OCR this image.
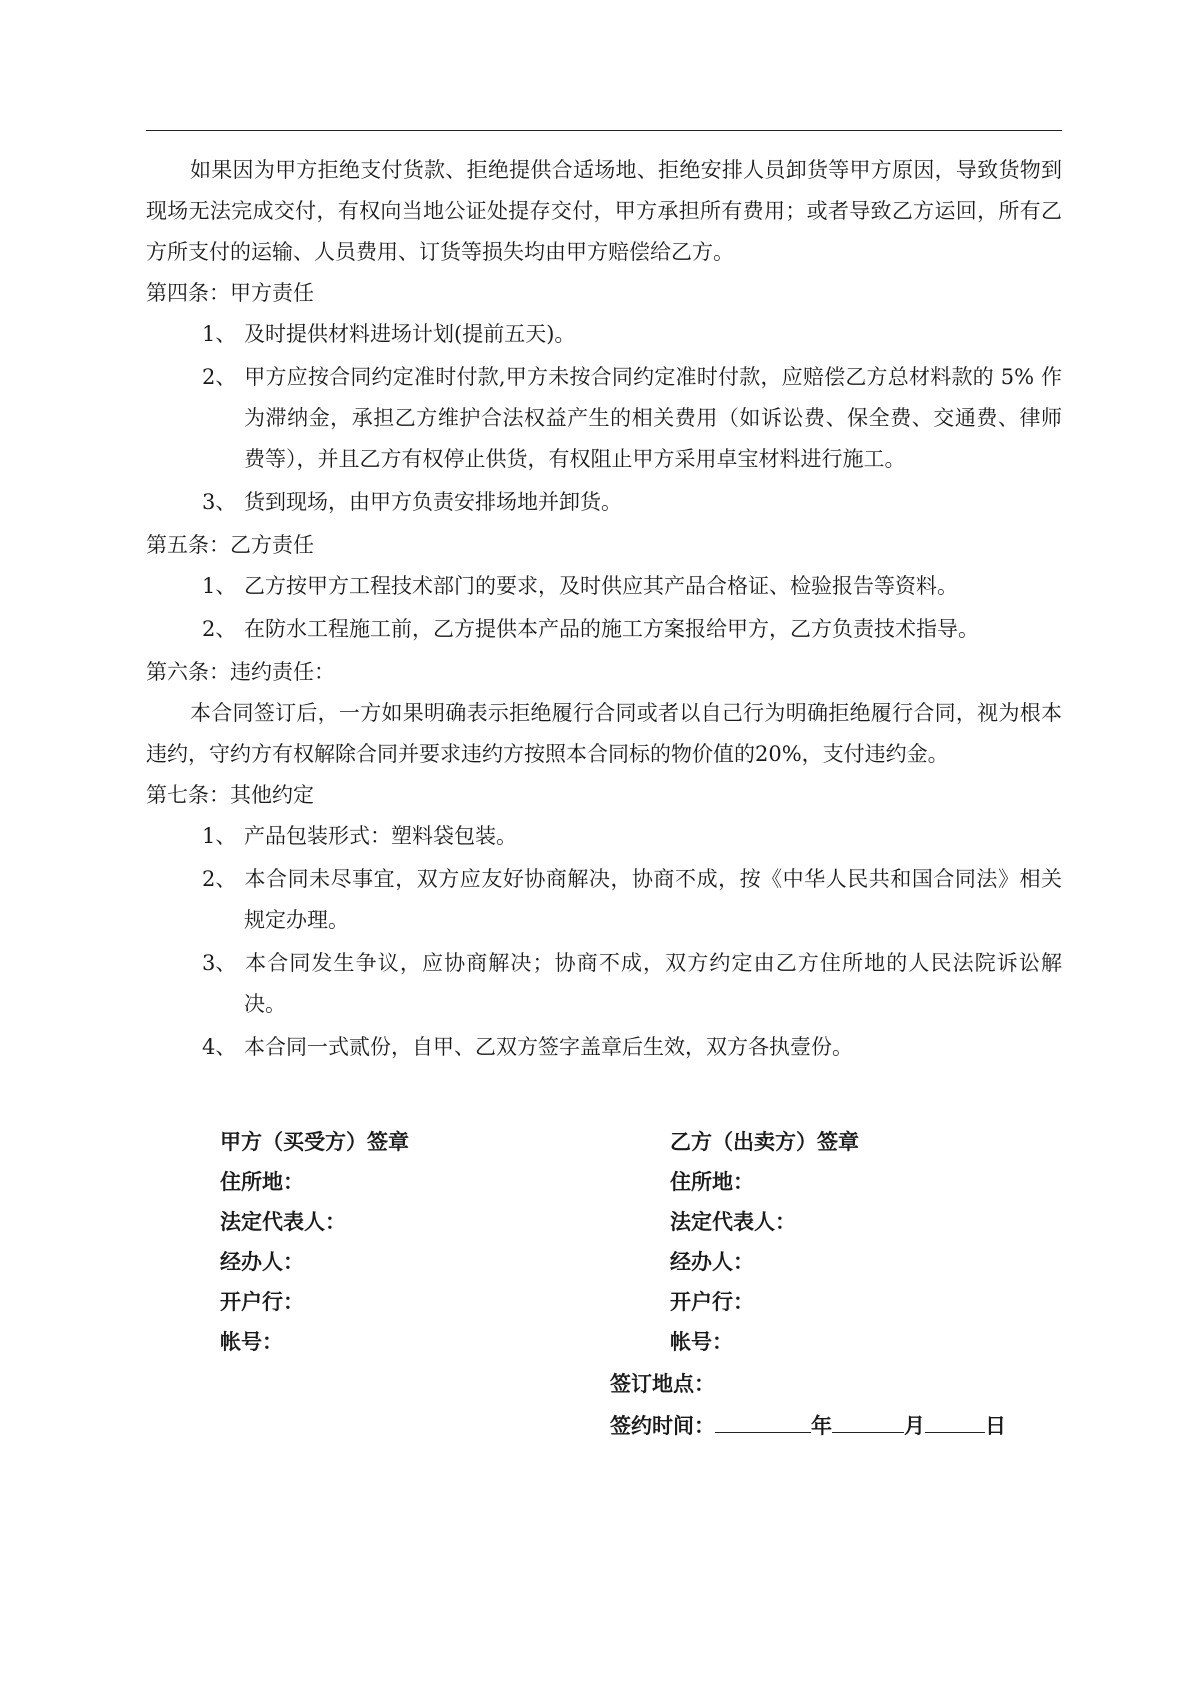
如果因为甲方拒绝支付货款、拒绝提供合适场地、拒绝安排人员卸货等甲方原因，导致货物到现场无法完成交付，有权向当地公证处提存交付，甲方承担所有费用；或者导致乙方运回，所有乙方所支付的运输、人员费用、订货等损失均由甲方赔偿给乙方。

第四条：甲方责任

1、 及时提供材料进场计划(提前五天)。

2、 甲方应按合同约定准时付款,甲方未按合同约定准时付款，应赔偿乙方总材料款的 5% 作为滞纳金，承担乙方维护合法权益产生的相关费用（如诉讼费、保全费、交通费、律师费等），并且乙方有权停止供货，有权阻止甲方采用卓宝材料进行施工。

3、 货到现场，由甲方负责安排场地并卸货。

第五条：乙方责任

1、 乙方按甲方工程技术部门的要求，及时供应其产品合格证、检验报告等资料。

2、 在防水工程施工前，乙方提供本产品的施工方案报给甲方，乙方负责技术指导。

第六条：违约责任：

本合同签订后，一方如果明确表示拒绝履行合同或者以自己行为明确拒绝履行合同，视为根本违约，守约方有权解除合同并要求违约方按照本合同标的物价值的20%，支付违约金。

第七条：其他约定

1、 产品包装形式：塑料袋包装。

2、 本合同未尽事宜，双方应友好协商解决，协商不成，按《中华人民共和国合同法》相关规定办理。

3、 本合同发生争议，应协商解决；协商不成，双方约定由乙方住所地的人民法院诉讼解决。

4、 本合同一式贰份，自甲、乙双方签字盖章后生效，双方各执壹份。

甲方（买受方）签章

住所地：

法定代表人：

经办人：

开户行：

帐号：

乙方（出卖方）签章

住所地：

法定代表人：

经办人：

开户行：

帐号：

签订地点：
签约时间：	年	月	日
